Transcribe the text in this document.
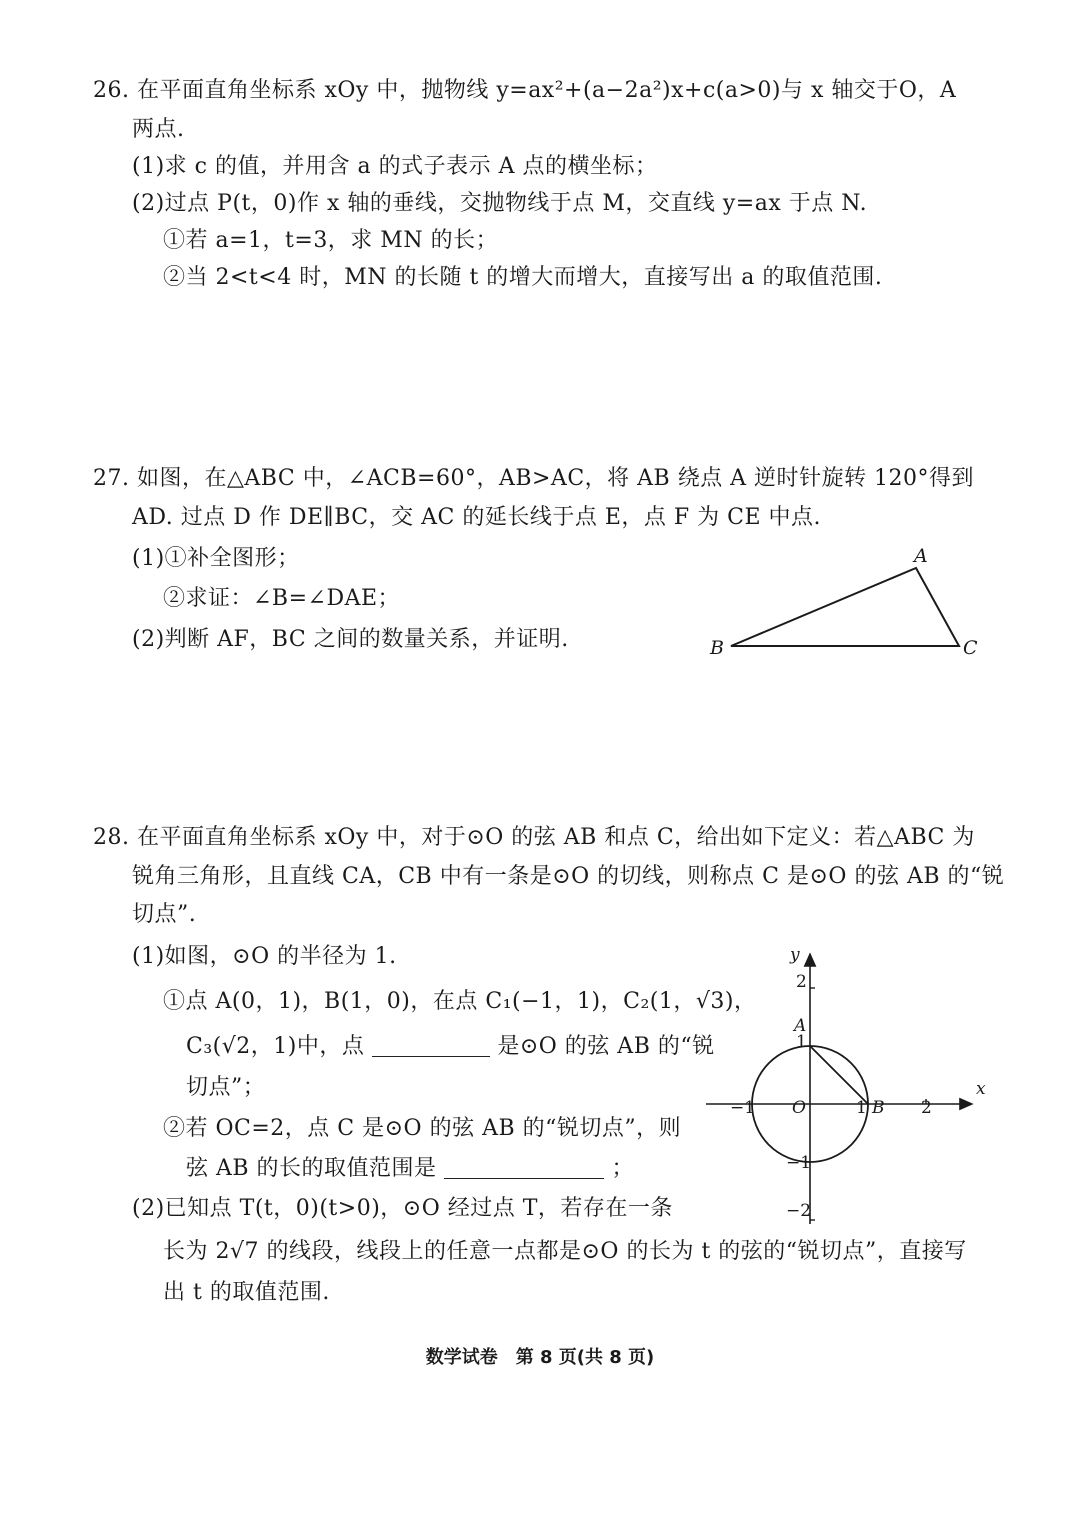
26. 在平面直角坐标系 xOy 中，抛物线 y=ax²+(a−2a²)x+c(a>0)与 x 轴交于O，A
两点.
(1)求 c 的值，并用含 a 的式子表示 A 点的横坐标；
(2)过点 P(t，0)作 x 轴的垂线，交抛物线于点 M，交直线 y=ax 于点 N.
①若 a=1，t=3，求 MN 的长；
②当 2<t<4 时，MN 的长随 t 的增大而增大，直接写出 a 的取值范围.
27. 如图，在△ABC 中，∠ACB=60°，AB>AC，将 AB 绕点 A 逆时针旋转 120°得到
AD. 过点 D 作 DE∥BC，交 AC 的延长线于点 E，点 F 为 CE 中点.
(1)①补全图形；
②求证：∠B=∠DAE；
(2)判断 AF，BC 之间的数量关系，并证明.
A
B	C
28. 在平面直角坐标系 xOy 中，对于⊙O 的弦 AB 和点 C，给出如下定义：若△ABC 为
锐角三角形，且直线 CA，CB 中有一条是⊙O 的切线，则称点 C 是⊙O 的弦 AB 的“锐
切点”.
(1)如图，⊙O 的半径为 1.
①点 A(0，1)，B(1，0)，在点 C₁(−1，1)，C₂(1，√3)，
C₃(√2，1)中，点	是⊙O 的弦 AB 的“锐
切点”；
②若 OC=2，点 C 是⊙O 的弦 AB 的“锐切点”，则
弦 AB 的长的取值范围是	；
(2)已知点 T(t，0)(t>0)，⊙O 经过点 T，若存在一条
长为 2√7 的线段，线段上的任意一点都是⊙O 的长为 t 的弦的“锐切点”，直接写
出 t 的取值范围.
x
y
O
A
B
−1	1	2
2
1
−1
−2
数学试卷　第 8 页(共 8 页)
